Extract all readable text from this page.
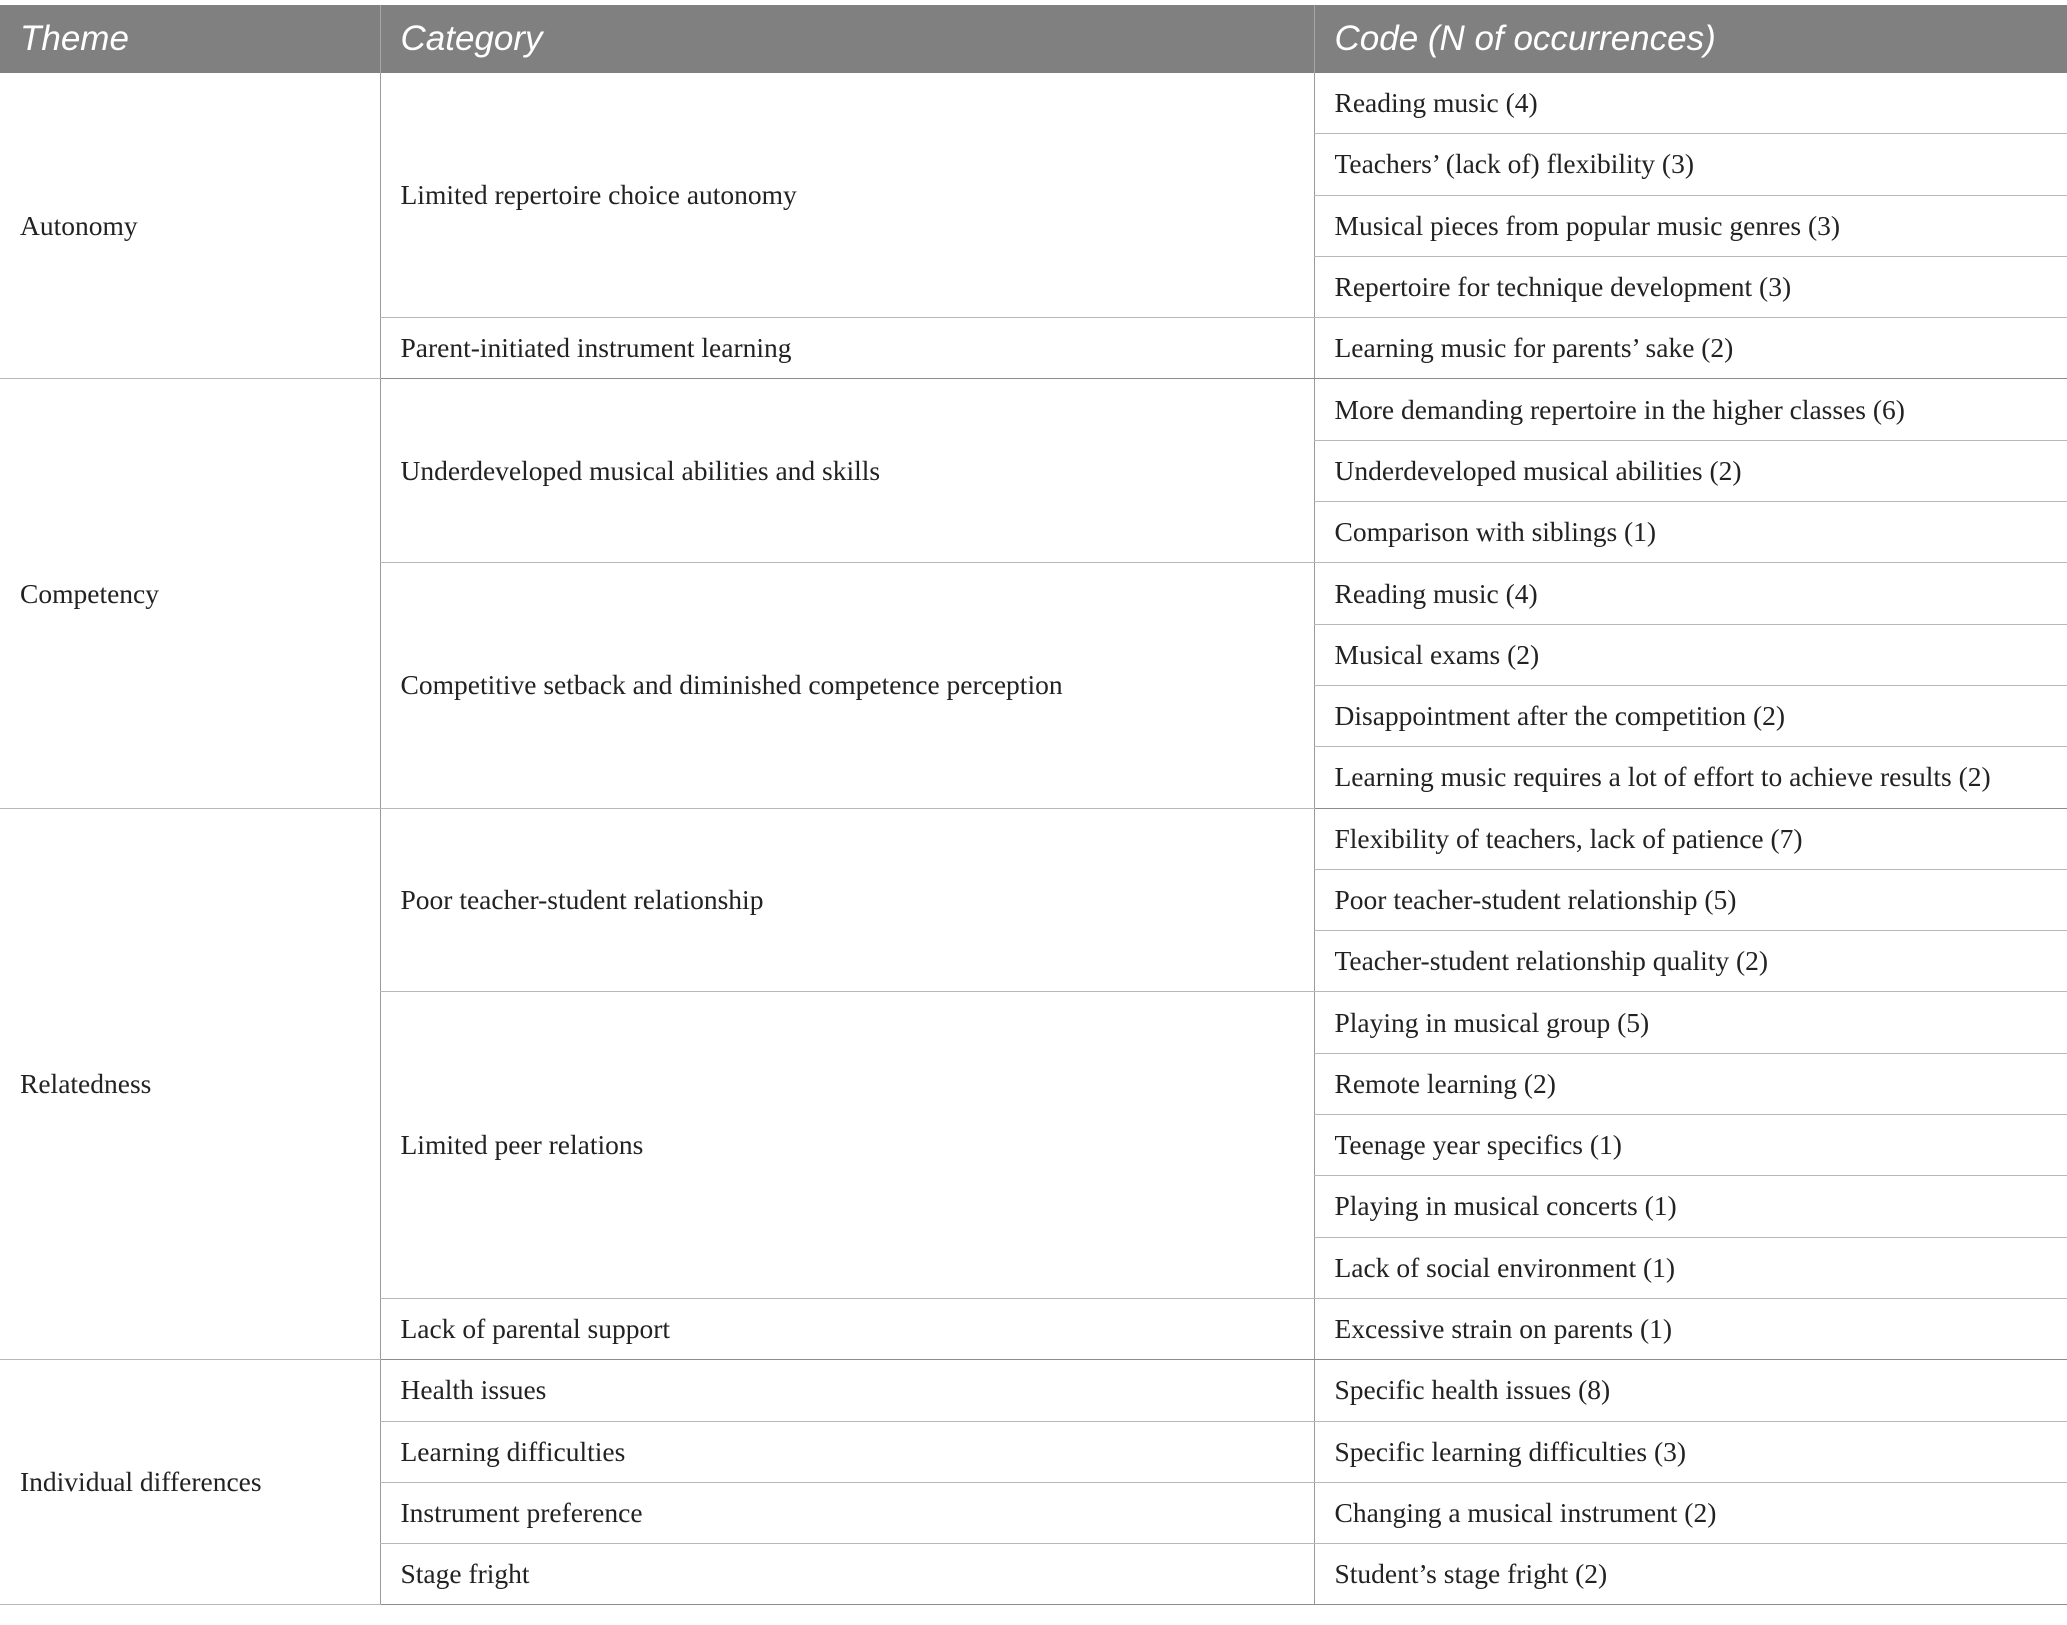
Theme	Category	Code (N of occurrences)
Autonomy	Limited repertoire choice autonomy	Reading music (4)
		Teachers’ (lack of) flexibility (3)
		Musical pieces from popular music genres (3)
		Repertoire for technique development (3)
	Parent-initiated instrument learning	Learning music for parents’ sake (2)
Competency	Underdeveloped musical abilities and skills	More demanding repertoire in the higher classes (6)
		Underdeveloped musical abilities (2)
		Comparison with siblings (1)
	Competitive setback and diminished competence perception	Reading music (4)
		Musical exams (2)
		Disappointment after the competition (2)
		Learning music requires a lot of effort to achieve results (2)
Relatedness	Poor teacher-student relationship	Flexibility of teachers, lack of patience (7)
		Poor teacher-student relationship (5)
		Teacher-student relationship quality (2)
	Limited peer relations	Playing in musical group (5)
		Remote learning (2)
		Teenage year specifics (1)
		Playing in musical concerts (1)
		Lack of social environment (1)
	Lack of parental support	Excessive strain on parents (1)
Individual differences	Health issues	Specific health issues (8)
	Learning difficulties	Specific learning difficulties (3)
	Instrument preference	Changing a musical instrument (2)
	Stage fright	Student’s stage fright (2)
